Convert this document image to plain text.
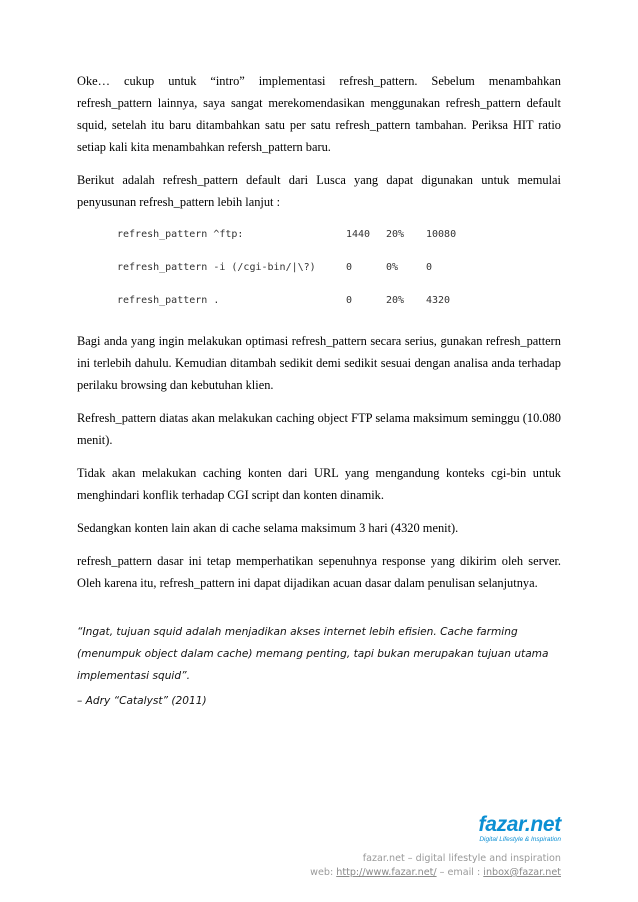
Oke… cukup untuk “intro” implementasi refresh_pattern. Sebelum menambahkan refresh_pattern lainnya, saya sangat merekomendasikan menggunakan refresh_pattern default squid, setelah itu baru ditambahkan satu per satu refresh_pattern tambahan. Periksa HIT ratio setiap kali kita menambahkan refersh_pattern baru.

Berikut adalah refresh_pattern default dari Lusca yang dapat digunakan untuk memulai penyusunan refresh_pattern lebih lanjut :

refresh_pattern ^ftp:	1440	20%	10080
refresh_pattern -i (/cgi-bin/|\?)	0	0%	0
refresh_pattern .	0	20%	4320

Bagi anda yang ingin melakukan optimasi refresh_pattern secara serius, gunakan refresh_pattern ini terlebih dahulu. Kemudian ditambah sedikit demi sedikit sesuai dengan analisa anda terhadap perilaku browsing dan kebutuhan klien.

Refresh_pattern diatas akan melakukan caching object FTP selama maksimum seminggu (10.080 menit).

Tidak akan melakukan caching konten dari URL yang mengandung konteks cgi-bin untuk menghindari konflik terhadap CGI script dan konten dinamik.

Sedangkan konten lain akan di cache selama maksimum 3 hari (4320 menit).

refresh_pattern dasar ini tetap memperhatikan sepenuhnya response yang dikirim oleh server. Oleh karena itu, refresh_pattern ini dapat dijadikan acuan dasar dalam penulisan selanjutnya.

“Ingat, tujuan squid adalah menjadikan akses internet lebih efisien. Cache farming (menumpuk object dalam cache) memang penting, tapi bukan merupakan tujuan utama implementasi squid”.

– Adry “Catalyst” (2011)
fazar.net
Digital Lifestyle & Inspiration
fazar.net – digital lifestyle and inspiration
web: http://www.fazar.net/ – email : inbox@fazar.net
